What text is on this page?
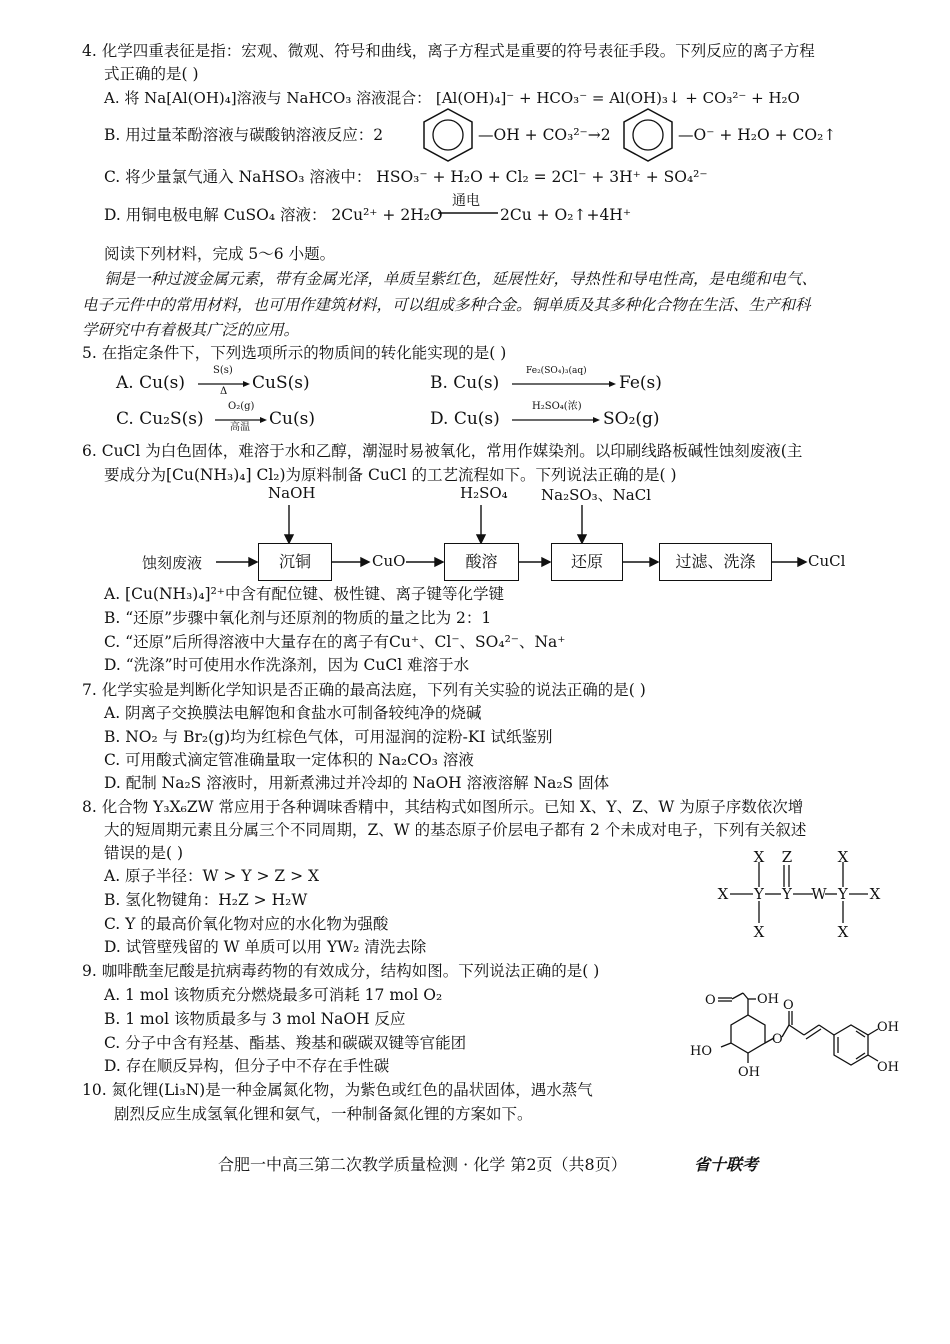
4. 化学四重表征是指：宏观、微观、符号和曲线，离子方程式是重要的符号表征手段。下列反应的离子方程
式正确的是( )
A. 将 Na[Al(OH)₄]溶液与 NaHCO₃ 溶液混合： [Al(OH)₄]⁻ + HCO₃⁻ = Al(OH)₃↓ + CO₃²⁻ + H₂O
B. 用过量苯酚溶液与碳酸钠溶液反应：2	—OH + CO₃²⁻→2	—O⁻ + H₂O + CO₂↑
C. 将少量氯气通入 NaHSO₃ 溶液中： HSO₃⁻ + H₂O + Cl₂ = 2Cl⁻ + 3H⁺ + SO₄²⁻
D. 用铜电极电解 CuSO₄ 溶液： 2Cu²⁺ + 2H₂O
通电
2Cu + O₂↑+4H⁺
阅读下列材料，完成 5～6 小题。
铜是一种过渡金属元素，带有金属光泽，单质呈紫红色，延展性好，导热性和导电性高，是电缆和电气、
电子元件中的常用材料，也可用作建筑材料，可以组成多种合金。铜单质及其多种化合物在生活、生产和科
学研究中有着极其广泛的应用。
5. 在指定条件下，下列选项所示的物质间的转化能实现的是( )
A. Cu(s)
S(s)
Δ CuS(s)	B. Cu(s)
Fe₂(SO₄)₃(aq)
Fe(s)
C. Cu₂S(s)
O₂(g)
高温 Cu(s)	D. Cu(s)
H₂SO₄(浓)
SO₂(g)
6. CuCl 为白色固体，难溶于水和乙醇，潮湿时易被氧化，常用作媒染剂。以印刷线路板碱性蚀刻废液(主
要成分为[Cu(NH₃)₄] Cl₂)为原料制备 CuCl 的工艺流程如下。下列说法正确的是( )
NaOH	H₂SO₄ Na₂SO₃、NaCl
蚀刻废液	沉铜	CuO	酸溶	还原	过滤、洗涤	CuCl
A. [Cu(NH₃)₄]²⁺中含有配位键、极性键、离子键等化学键
B. “还原”步骤中氧化剂与还原剂的物质的量之比为 2：1
C. “还原”后所得溶液中大量存在的离子有Cu⁺、Cl⁻、SO₄²⁻、Na⁺
D. “洗涤”时可使用水作洗涤剂，因为 CuCl 难溶于水
7. 化学实验是判断化学知识是否正确的最高法庭，下列有关实验的说法正确的是( )
A. 阴离子交换膜法电解饱和食盐水可制备较纯净的烧碱
B. NO₂ 与 Br₂(g)均为红棕色气体，可用湿润的淀粉-KI 试纸鉴别
C. 可用酸式滴定管准确量取一定体积的 Na₂CO₃ 溶液
D. 配制 Na₂S 溶液时，用新煮沸过并冷却的 NaOH 溶液溶解 Na₂S 固体
8. 化合物 Y₃X₆ZW 常应用于各种调味香精中，其结构式如图所示。已知 X、Y、Z、W 为原子序数依次增
大的短周期元素且分属三个不同周期，Z、W 的基态原子价层电子都有 2 个未成对电子，下列有关叙述
错误的是( )
A. 原子半径：W > Y > Z > X
B. 氢化物键角：H₂Z > H₂W
C. Y 的最高价氧化物对应的水化物为强酸
D. 试管壁残留的 W 单质可以用 YW₂ 清洗去除
X Z	X
X Y Y W Y X
X	X
9. 咖啡酰奎尼酸是抗病毒药物的有效成分，结构如图。下列说法正确的是( )
A. 1 mol 该物质充分燃烧最多可消耗 17 mol O₂
B. 1 mol 该物质最多与 3 mol NaOH 反应
C. 分子中含有羟基、酯基、羧基和碳碳双键等官能团
D. 存在顺反异构，但分子中不存在手性碳
O	OH
HO
OH
O
O
OH
OH
10. 氮化锂(Li₃N)是一种金属氮化物，为紫色或红色的晶状固体，遇水蒸气
剧烈反应生成氢氧化锂和氨气，一种制备氮化锂的方案如下。
合肥一中高三第二次教学质量检测 · 化学 第2页（共8页）	省十联考
